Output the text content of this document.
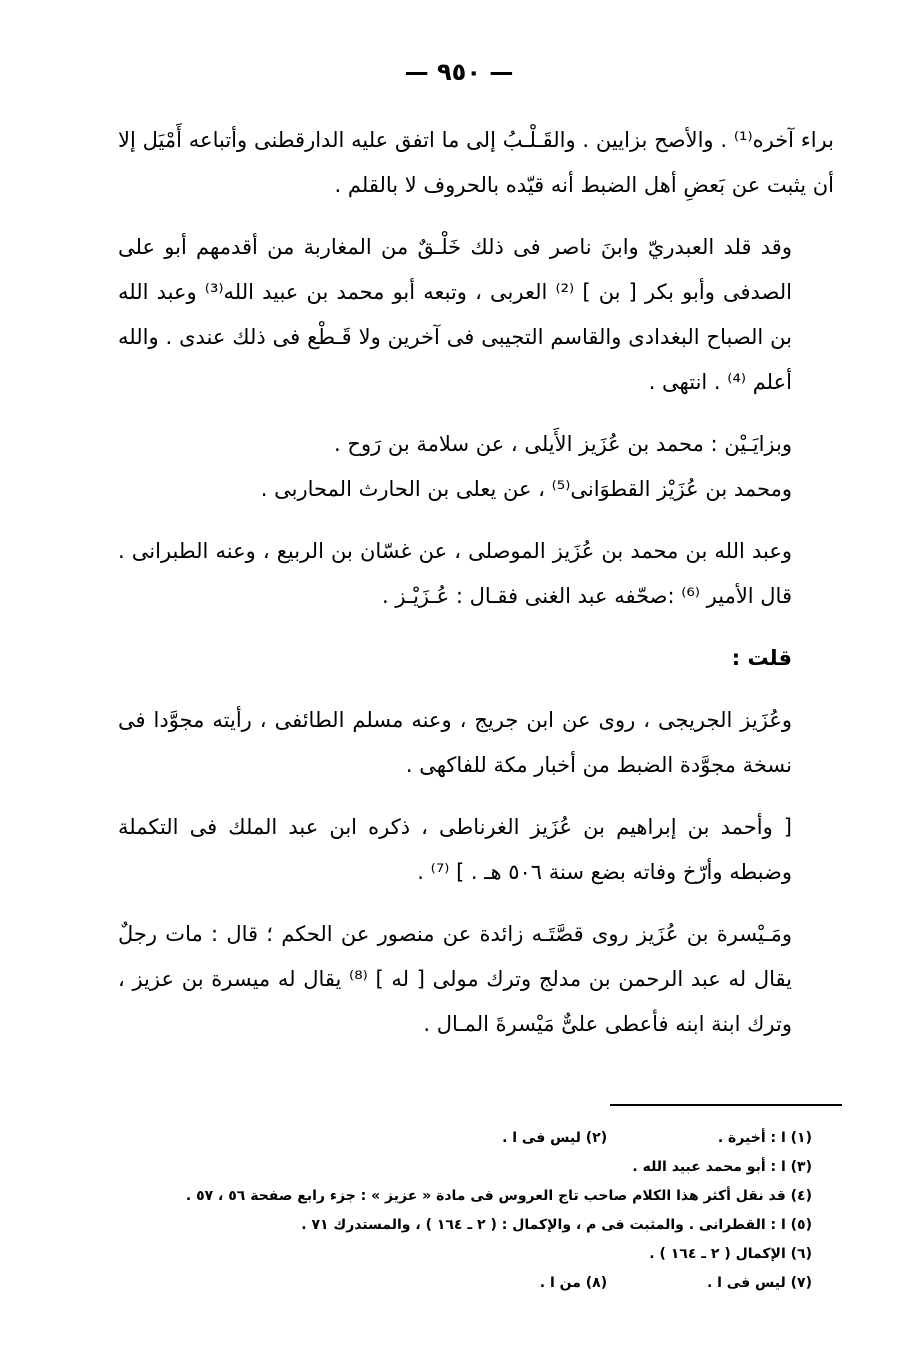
— ٩٥٠ —

براء آخره⁽¹⁾ . والأصح بزايين . والقَـلْـبُ إلى ما اتفق عليه الدارقطنى وأتباعه أَمْيَل إلا أن يثبت عن بَعضِ أهل الضبط أنه قيّده بالحروف لا بالقلم .

وقد قلد العبدريّ وابنَ ناصر فى ذلك خَلْـقٌ من المغاربة من أقدمهم أبو على الصدفى وأبو بكر [ بن ] ⁽²⁾ العربى ، وتبعه أبو محمد بن عبيد الله⁽³⁾ وعبد الله بن الصباح البغدادى والقاسم التجيبى فى آخرين ولا قَـطْع فى ذلك عندى . والله أعلم ⁽⁴⁾ . انتهى .

وبزايَـيْن : محمد بن عُزَيز الأَيلى ، عن سلامة بن رَوح .

ومحمد بن عُزَيْز القطوَانى⁽⁵⁾ ، عن يعلى بن الحارث المحاربى .

وعبد الله بن محمد بن عُزَيز الموصلى ، عن غسّان بن الربيع ، وعنه الطبرانى . قال الأمير ⁽⁶⁾ :صحّفه عبد الغنى فقـال : عُـزَيْـز .

قلت :

وعُزَيز الجريجى ، روى عن ابن جريج ، وعنه مسلم الطائفى ، رأيته مجوَّدا فى نسخة مجوَّدة الضبط من أخبار مكة للفاكهى .

[ وأحمد بن إبراهيم بن عُزَيز الغرناطى ، ذكره ابن عبد الملك فى التكملة وضبطه وأرّخ وفاته بضع سنة ٥٠٦ هـ . ] ⁽⁷⁾ .

ومَـيْسرة بن عُزَيز روى قصَّتَـه زائدة عن منصور عن الحكم ؛ قال : مات رجلٌ يقال له عبد الرحمن بن مدلج وترك مولى [ له ] ⁽⁸⁾ يقال له ميسرة بن عزيز ، وترك ابنة ابنه فأعطى علىٌّ مَيْسرةَ المـال .

(١) ا : أخيرة . (٢) ليس فى ا .
(٣) ا : أبو محمد عبيد الله .
(٤) قد نقل أكثر هذا الكلام صاحب تاج العروس فى مادة « عزيز » : جزء رابع صفحة ٥٦ ، ٥٧ .
(٥) ا : القطرانى . والمثبت فى م ، والإكمال : ( ٢ ـ ١٦٤ ) ، والمستدرك ٧١ .
(٦) الإكمال ( ٢ ـ ١٦٤ ) .
(٧) ليس فى ا . (٨) من ا .
